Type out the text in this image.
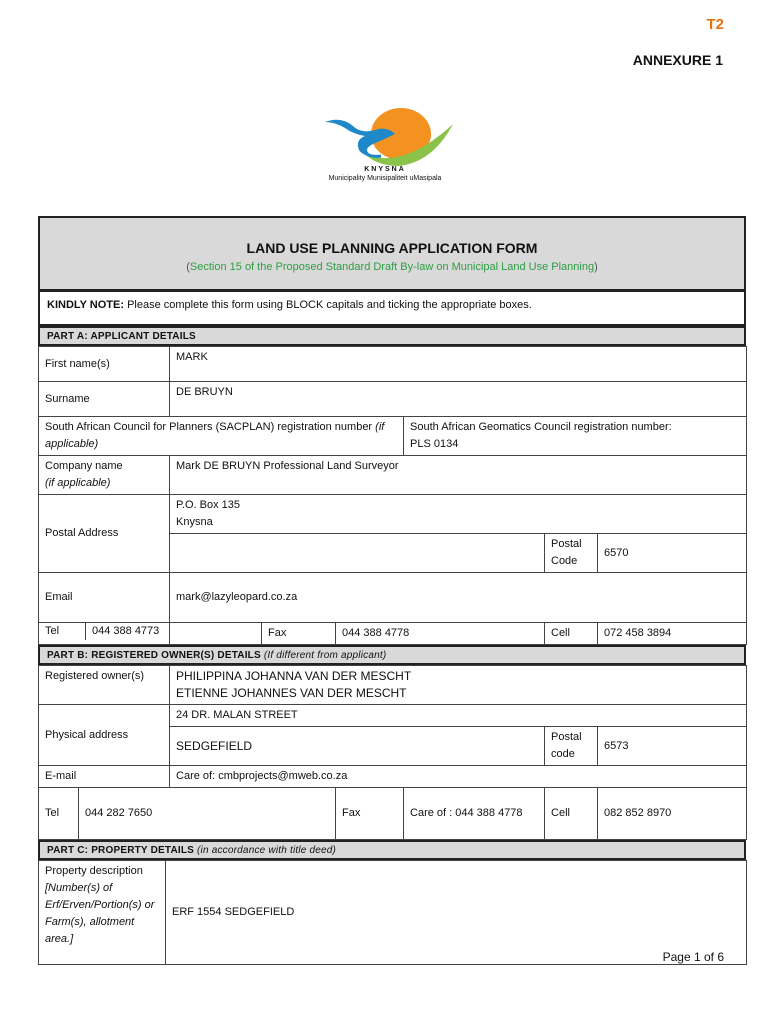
T2
ANNEXURE 1
KNYSNA
Municipality Munisipaliteit uMasipala
LAND USE PLANNING APPLICATION FORM
(Section 15 of the Proposed Standard Draft By-law on Municipal Land Use Planning)
KINDLY NOTE: Please complete this form using BLOCK capitals and ticking the appropriate boxes.
PART A: APPLICANT DETAILS
First name(s)	MARK					
Surname	DE BRUYN					
South African Council for Planners (SACPLAN) registration number (if applicable)				South African Geomatics Council registration number:
PLS 0134		

Company name
(if applicable)	Mark DE BRUYN Professional Land Surveyor					
Postal Address	P.O. Box 135
Knysna					

					Postal Code	6570
Email	mark@lazyleopard.co.za					

Tel 044 388 4773		Fax	044 388 4778		Cell	072 458 3894
PART B: REGISTERED OWNER(S) DETAILS (If different from applicant)
Registered owner(s)		PHILIPPINA JOHANNA VAN DER MESCHT
ETIENNE JOHANNES VAN DER MESCHT				

Physical address		24 DR. MALAN STREET				
		SEDGEFIELD			Postal code	6573
E-mail		Care of: cmbprojects@mweb.co.za				
Tel	044 282 7650		Fax	Care of : 044 388 4778	Cell	082 852 8970
PART C: PROPERTY DETAILS (in accordance with title deed)
Property description
[Number(s) of Erf/Erven/Portion(s) or Farm(s), allotment area.]	ERF 1554 SEDGEFIELD
Page 1 of 6
